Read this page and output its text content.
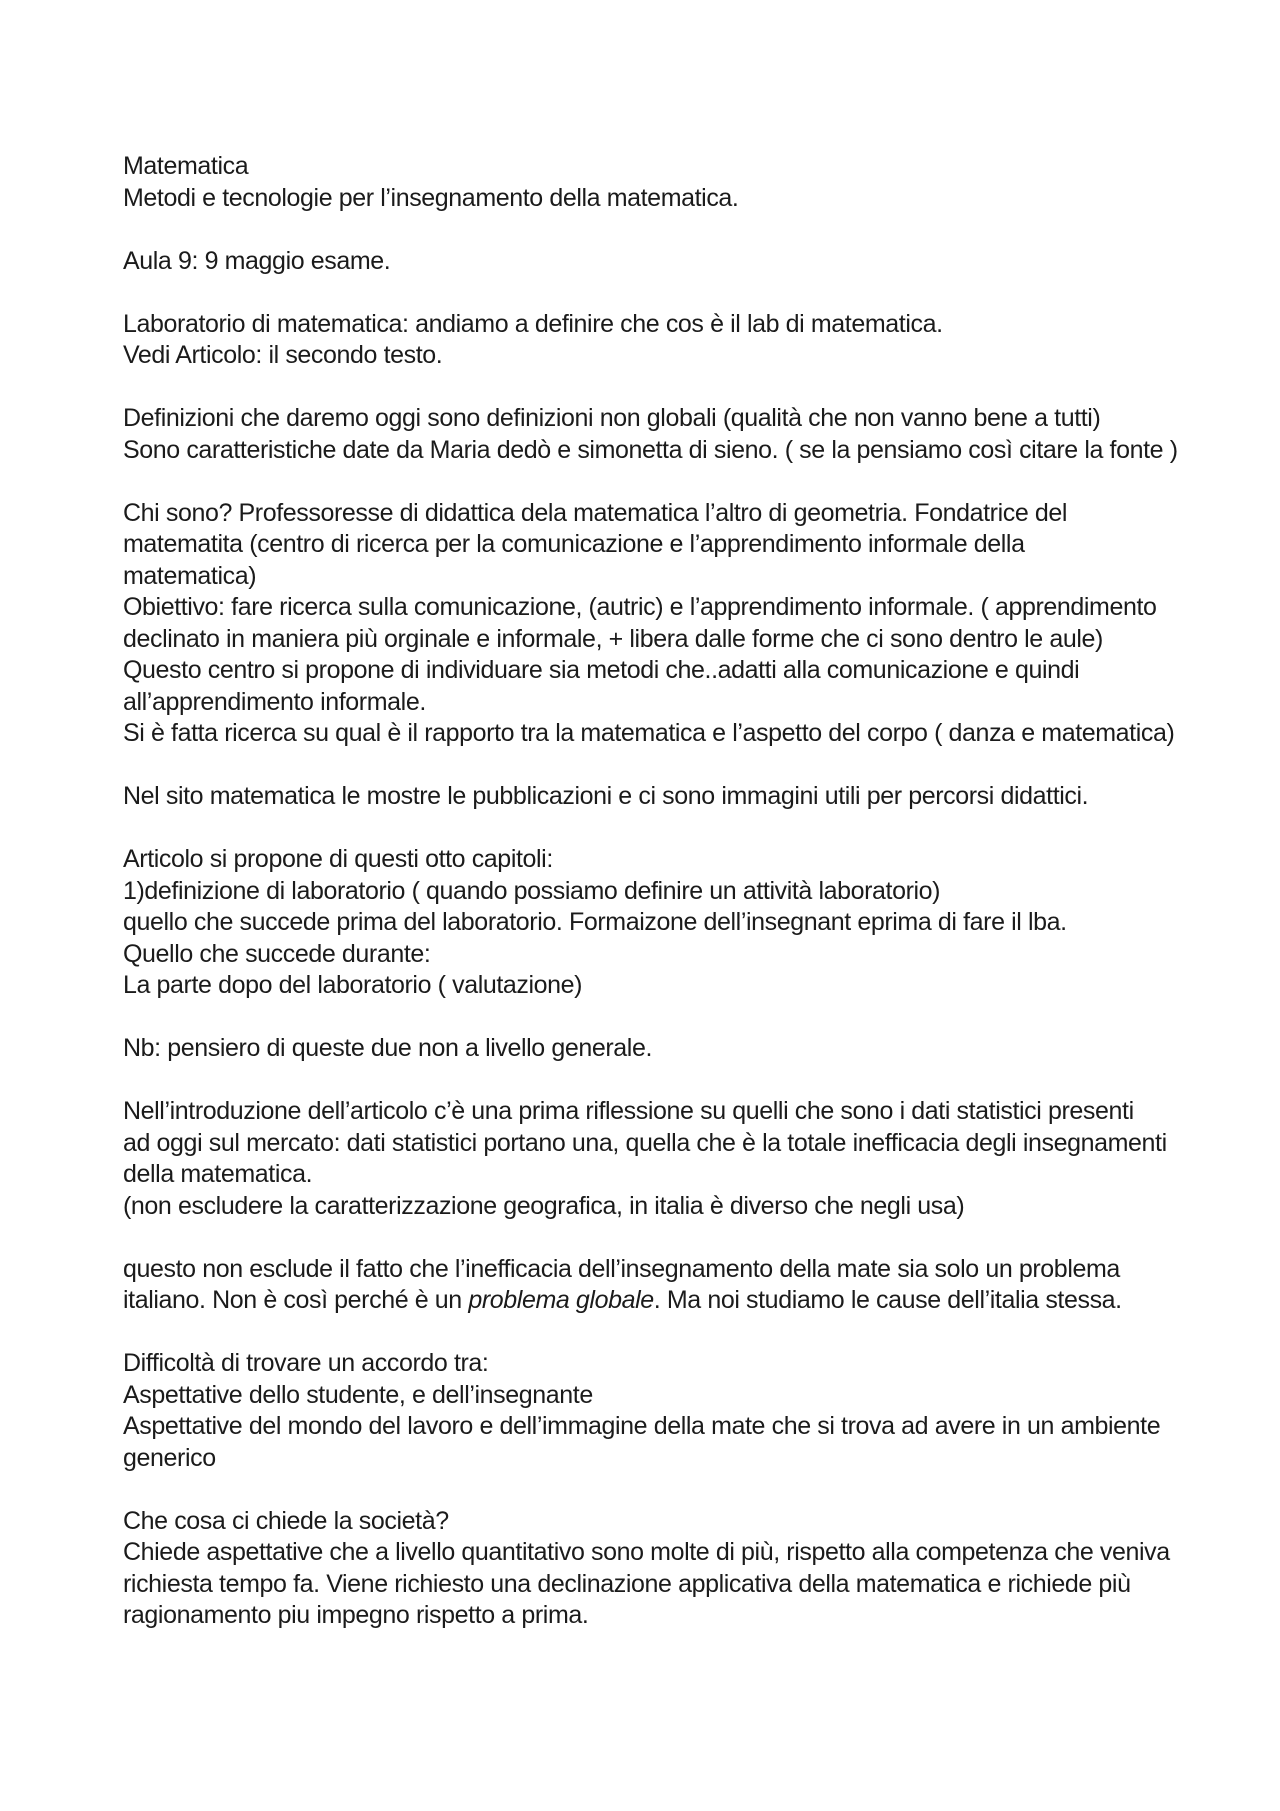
Matematica
Metodi e tecnologie per l’insegnamento della matematica.
Aula 9: 9 maggio esame.
Laboratorio di matematica: andiamo a definire che cos è il lab di matematica.
Vedi Articolo: il secondo testo.
Definizioni che daremo oggi sono definizioni non globali (qualità che non vanno bene a tutti)
Sono caratteristiche date da Maria dedò e simonetta di sieno. ( se la pensiamo così citare la fonte )
Chi sono? Professoresse di didattica dela matematica l’altro di geometria. Fondatrice del
matematita (centro di ricerca per la comunicazione e l’apprendimento informale della
matematica)
Obiettivo: fare ricerca sulla comunicazione, (autric) e l’apprendimento informale. ( apprendimento
declinato in maniera più orginale e informale, + libera dalle forme che ci sono dentro le aule)
Questo centro si propone di individuare sia metodi che..adatti alla comunicazione e quindi
all’apprendimento informale.
Si è fatta ricerca su qual è il rapporto tra la matematica e l’aspetto del corpo ( danza e matematica)
Nel sito matematica le mostre le pubblicazioni e ci sono immagini utili per percorsi didattici.
Articolo si propone di questi otto capitoli:
1)definizione di laboratorio ( quando possiamo definire un attività laboratorio)
quello che succede prima del laboratorio. Formaizone dell’insegnant eprima di fare il lba.
Quello che succede durante:
La parte dopo del laboratorio ( valutazione)
Nb: pensiero di queste due non a livello generale.
Nell’introduzione dell’articolo c’è una prima riflessione su quelli che sono i dati statistici presenti
ad oggi sul mercato: dati statistici portano una, quella che è la totale inefficacia degli insegnamenti
della matematica.
(non escludere la caratterizzazione geografica, in italia è diverso che negli usa)
questo non esclude il fatto che l’inefficacia dell’insegnamento della mate sia solo un problema
italiano. Non è così perché è un problema globale. Ma noi studiamo le cause dell’italia stessa.
Difficoltà di trovare un accordo tra:
Aspettative dello studente, e dell’insegnante
Aspettative del mondo del lavoro e dell’immagine della mate che si trova ad avere in un ambiente
generico
Che cosa ci chiede la società?
Chiede aspettative che a livello quantitativo sono molte di più, rispetto alla competenza che veniva
richiesta tempo fa. Viene richiesto una declinazione applicativa della matematica e richiede più
ragionamento piu impegno rispetto a prima.
